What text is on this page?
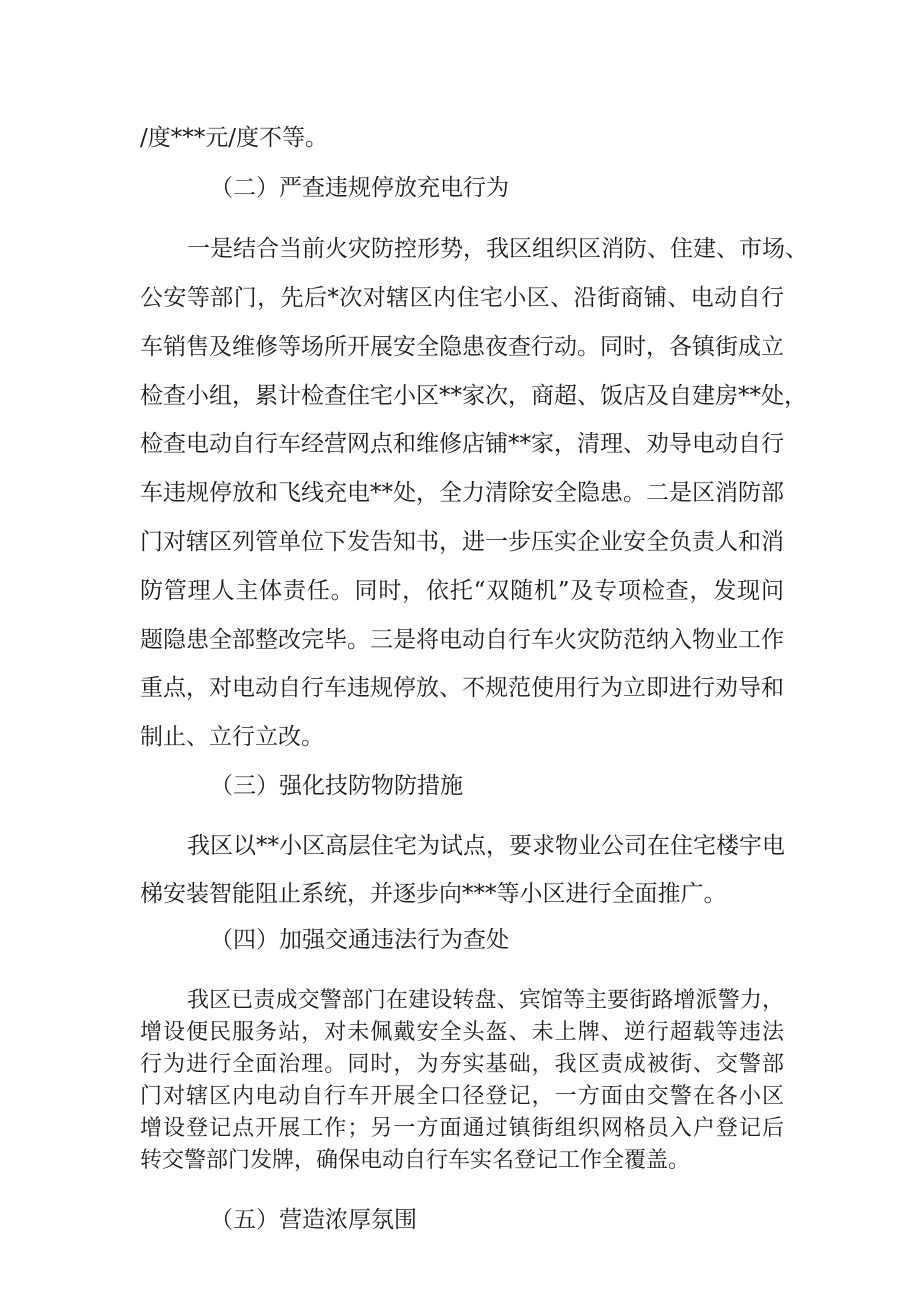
/度***元/度不等。
（二）严查违规停放充电行为
一是结合当前火灾防控形势，我区组织区消防、住建、市场、
公安等部门，先后*次对辖区内住宅小区、沿街商铺、电动自行
车销售及维修等场所开展安全隐患夜查行动。同时，各镇街成立
检查小组，累计检查住宅小区**家次，商超、饭店及自建房**处，
检查电动自行车经营网点和维修店铺**家，清理、劝导电动自行
车违规停放和飞线充电**处，全力清除安全隐患。二是区消防部
门对辖区列管单位下发告知书，进一步压实企业安全负责人和消
防管理人主体责任。同时，依托“双随机”及专项检查，发现问
题隐患全部整改完毕。三是将电动自行车火灾防范纳入物业工作
重点，对电动自行车违规停放、不规范使用行为立即进行劝导和
制止、立行立改。
（三）强化技防物防措施
我区以**小区高层住宅为试点，要求物业公司在住宅楼宇电
梯安装智能阻止系统，并逐步向***等小区进行全面推广。
（四）加强交通违法行为查处
我区已责成交警部门在建设转盘、宾馆等主要街路增派警力，
增设便民服务站，对未佩戴安全头盔、未上牌、逆行超载等违法
行为进行全面治理。同时，为夯实基础，我区责成被街、交警部
门对辖区内电动自行车开展全口径登记，一方面由交警在各小区
增设登记点开展工作；另一方面通过镇街组织网格员入户登记后
转交警部门发牌，确保电动自行车实名登记工作全覆盖。
（五）营造浓厚氛围
